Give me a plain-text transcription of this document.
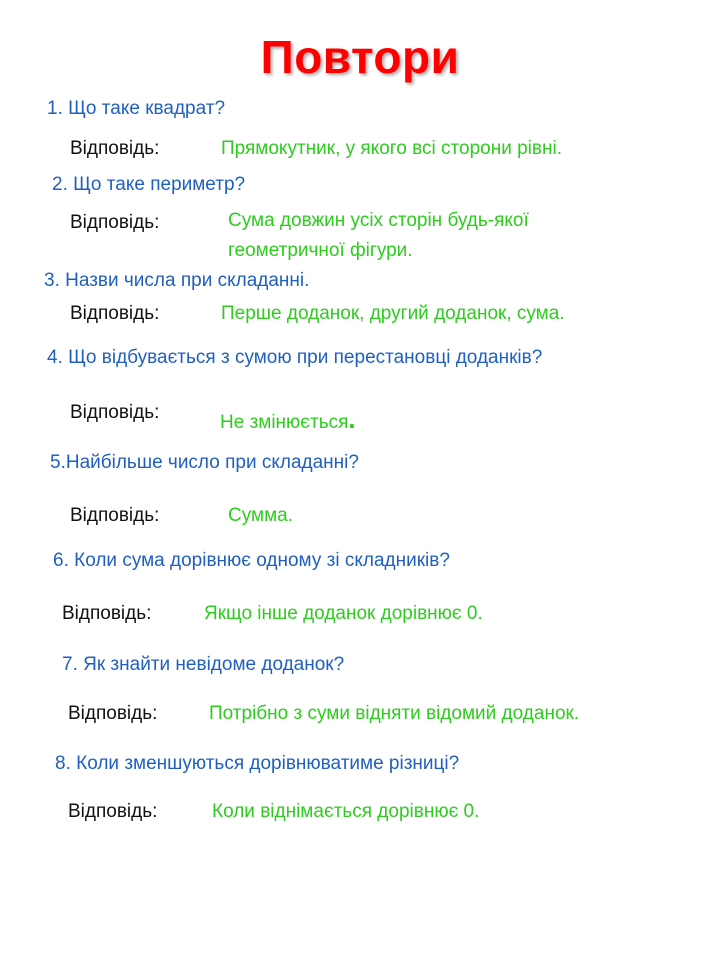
Повтори
1. Що таке квадрат?
Відповідь:	Прямокутник, у якого всі сторони рівні.
2. Що таке периметр?
Відповідь:	Сума довжин усіх сторін будь-якої
геометричної фігури.
3. Назви числа при складанні.
Відповідь:	Перше доданок, другий доданок, сума.
4. Що відбувається з сумою при перестановці доданків?
Відповідь:	Не змінюється.
5.Найбільше число при складанні?
Відповідь:	Сумма.
6. Коли сума дорівнює одному зі складників?
Відповідь:	Якщо інше доданок дорівнює 0.
7. Як знайти невідоме доданок?
Відповідь:	Потрібно з суми відняти відомий доданок.
8. Коли зменшуються дорівнюватиме різниці?
Відповідь:	Коли віднімається дорівнює 0.
